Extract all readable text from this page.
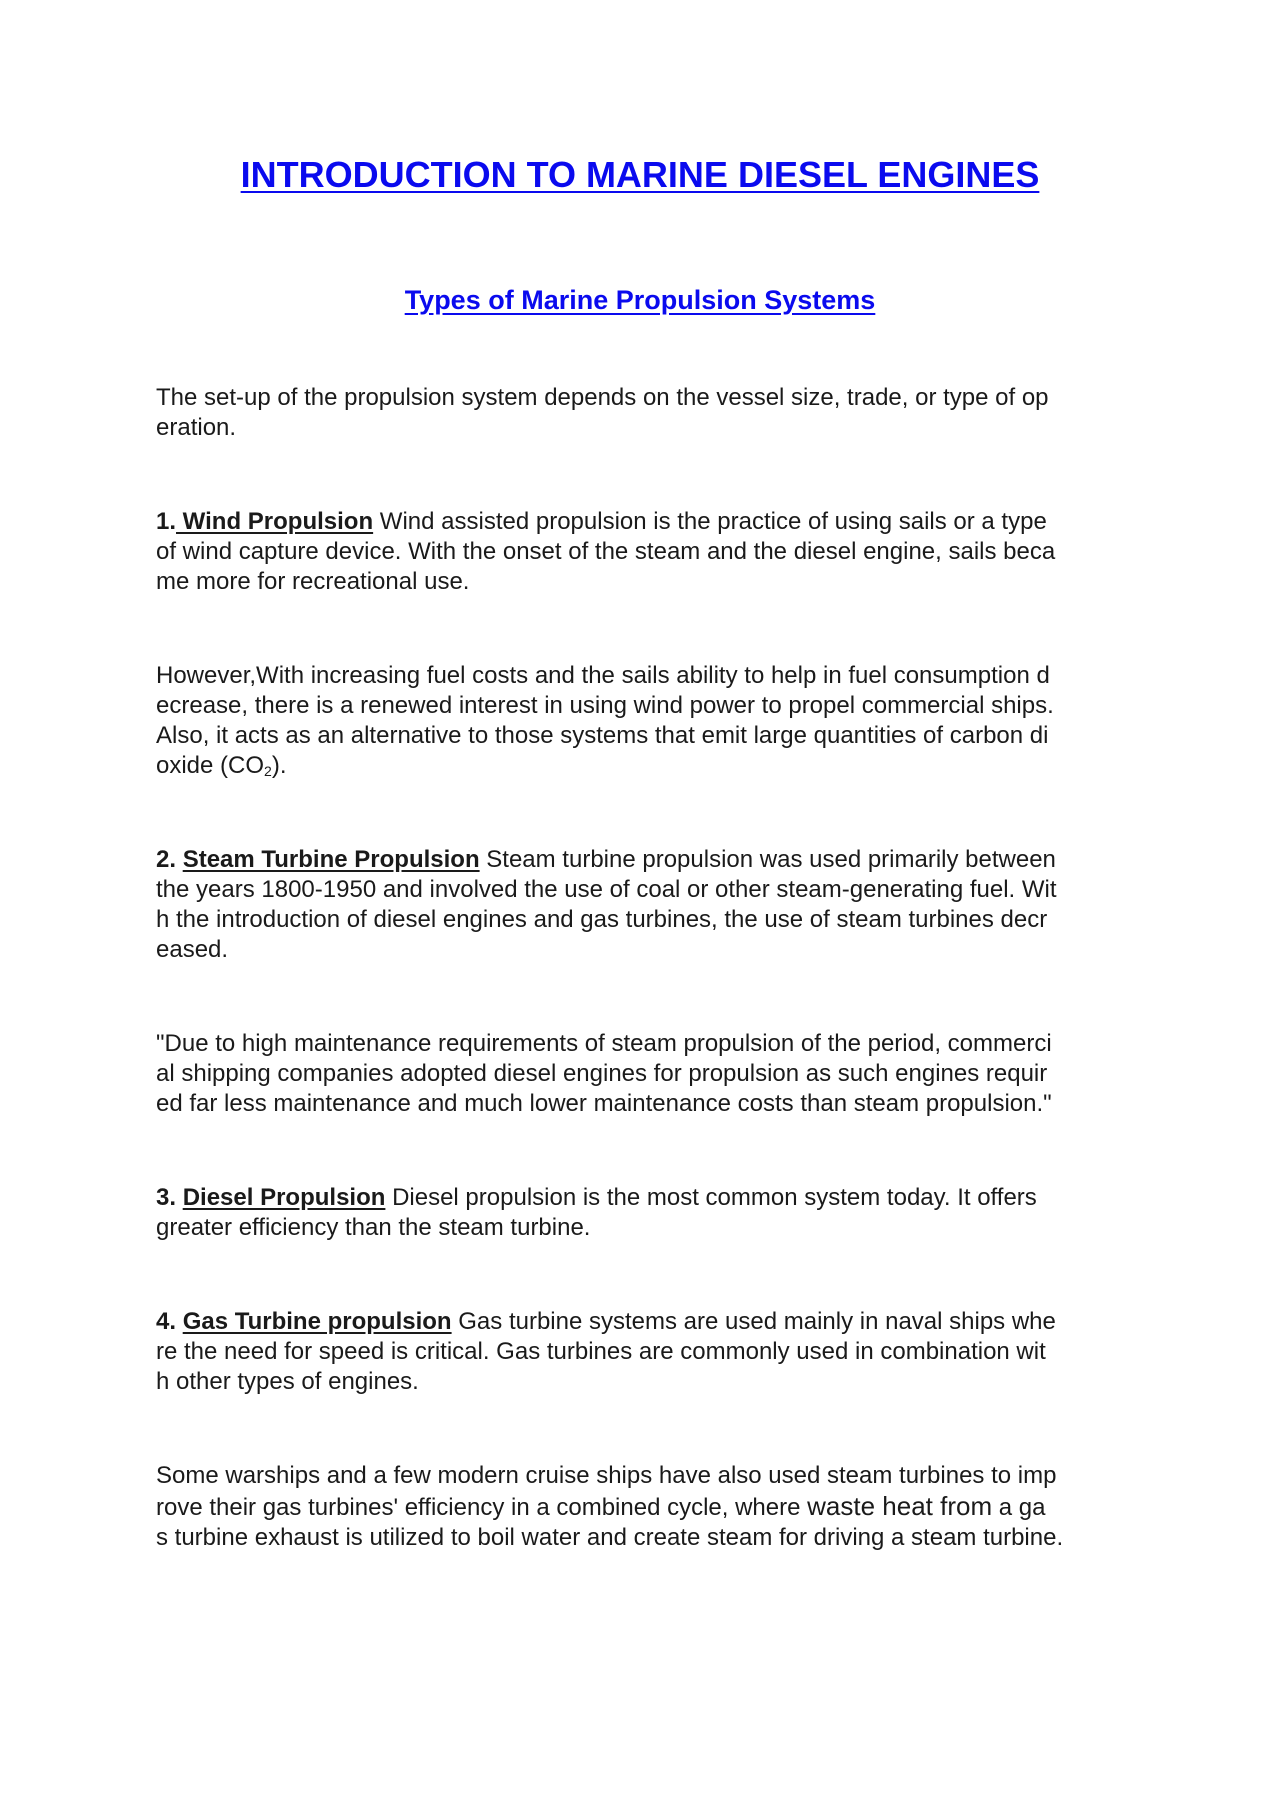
INTRODUCTION TO MARINE DIESEL ENGINES
Types of Marine Propulsion Systems

The set-up of the propulsion system depends on the vessel size, trade, or type of op
eration.

1. Wind Propulsion Wind assisted propulsion is the practice of using sails or a type
of wind capture device. With the onset of the steam and the diesel engine, sails beca
me more for recreational use.

However,With increasing fuel costs and the sails ability to help in fuel consumption d
ecrease, there is a renewed interest in using wind power to propel commercial ships.
Also, it acts as an alternative to those systems that emit large quantities of carbon di
oxide $(CO_2)$.

2. Steam Turbine Propulsion Steam turbine propulsion was used primarily between
the years 1800-1950 and involved the use of coal or other steam-generating fuel. Wit
h the introduction of diesel engines and gas turbines, the use of steam turbines decr
eased.

"Due to high maintenance requirements of steam propulsion of the period, commerci
al shipping companies adopted diesel engines for propulsion as such engines requir
ed far less maintenance and much lower maintenance costs than steam propulsion."

3. Diesel Propulsion Diesel propulsion is the most common system today. It offers
greater efficiency than the steam turbine.

4. Gas Turbine propulsion Gas turbine systems are used mainly in naval ships whe
re the need for speed is critical. Gas turbines are commonly used in combination wit
h other types of engines.

Some warships and a few modern cruise ships have also used steam turbines to imp
rove their gas turbines' efficiency in a combined cycle, where waste heat from a ga
s turbine exhaust is utilized to boil water and create steam for driving a steam turbine.
